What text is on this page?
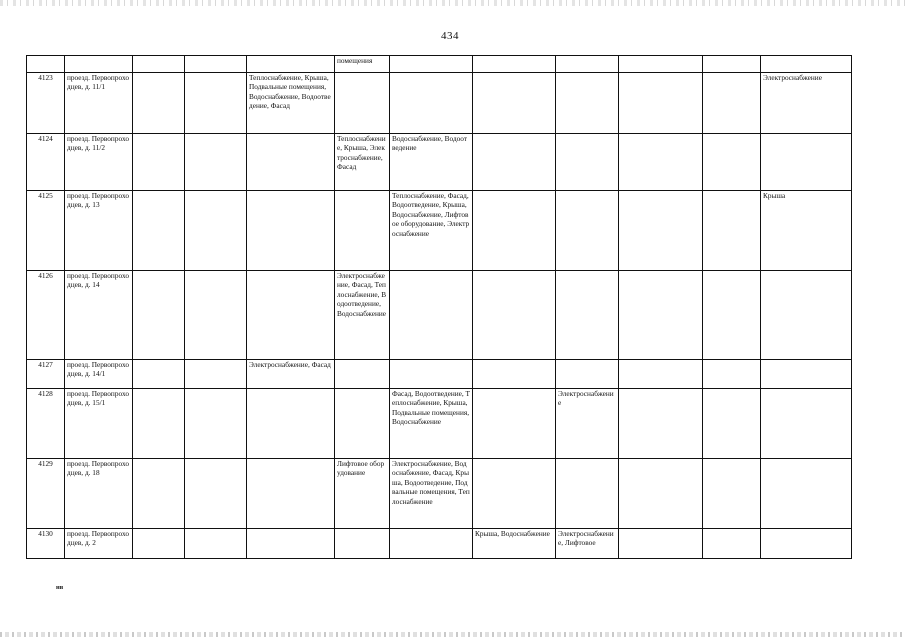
434
					помещения						
4123	проезд. Первопроходцев, д. 11/1			Теплоснабжение, Крыша, Подвальные помещения, Водоснабжение, Водоотведение, Фасад							Электроснабжение
4124	проезд. Первопроходцев, д. 11/2				Теплоснабжение, Крыша, Электроснабжение, Фасад	Водоснабжение, Водоотведение					
4125	проезд. Первопроходцев, д. 13					Теплоснабжение, Фасад, Водоотведение, Крыша, Водоснабжение, Лифтовое оборудование, Электроснабжение					Крыша
4126	проезд. Первопроходцев, д. 14				Электроснабжение, Фасад, Теплоснабжение, Водоотведение, Водоснабжение						
4127	проезд. Первопроходцев, д. 14/1			Электроснабжение, Фасад							
4128	проезд. Первопроходцев, д. 15/1					Фасад, Водоотведение, Теплоснабжение, Крыша, Подвальные помещения, Водоснабжение		Электроснабжение			
4129	проезд. Первопроходцев, д. 18				Лифтовое оборудование	Электроснабжение, Водоснабжение, Фасад, Крыша, Водоотведение, Подвальные помещения, Теплоснабжение					
4130	проезд. Первопроходцев, д. 2						Крыша, Водоснабжение	Электроснабжение, Лифтовое			
нв
